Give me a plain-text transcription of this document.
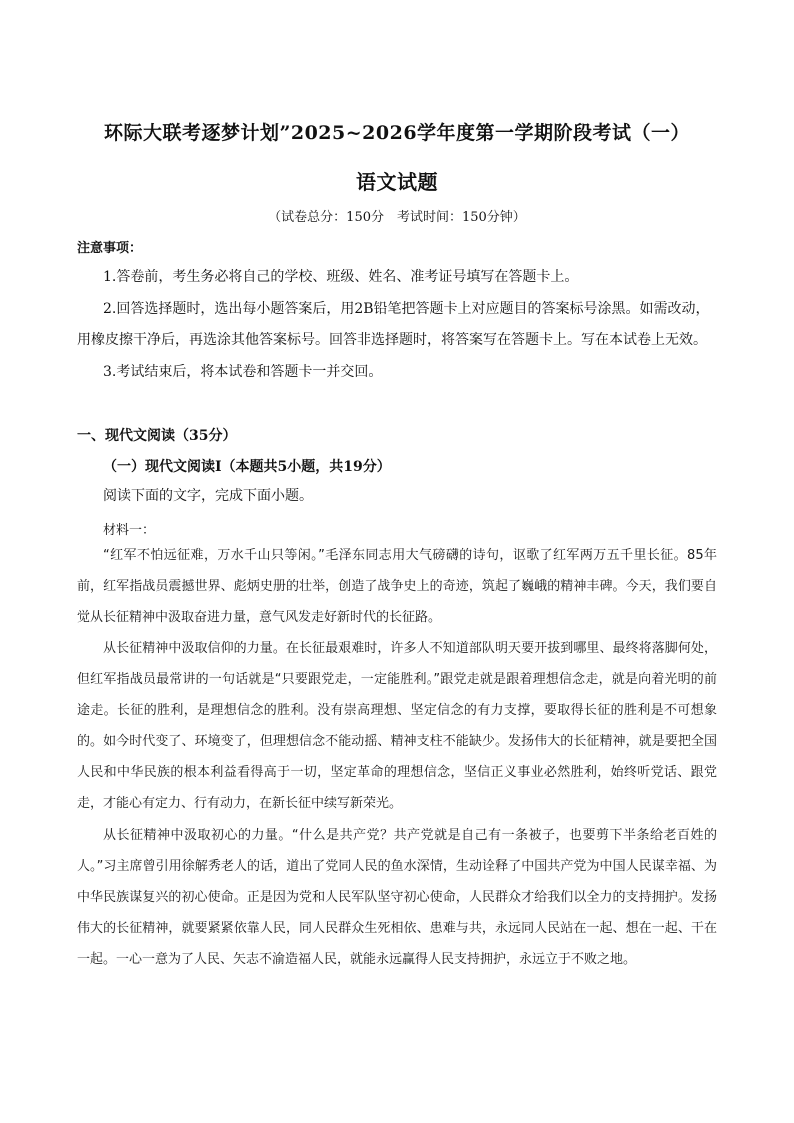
环际大联考逐梦计划”2025~2026学年度第一学期阶段考试（一）
语文试题
（试卷总分：150分　考试时间：150分钟）
注意事项：
1.答卷前，考生务必将自己的学校、班级、姓名、准考证号填写在答题卡上。
2.回答选择题时，选出每小题答案后，用2B铅笔把答题卡上对应题目的答案标号涂黑。如需改动，用橡皮擦干净后，再选涂其他答案标号。回答非选择题时，将答案写在答题卡上。写在本试卷上无效。
3.考试结束后，将本试卷和答题卡一并交回。
一、现代文阅读（35分）
（一）现代文阅读Ⅰ（本题共5小题，共19分）
阅读下面的文字，完成下面小题。
材料一：
“红军不怕远征难，万水千山只等闲。”毛泽东同志用大气磅礴的诗句，讴歌了红军两万五千里长征。85年前，红军指战员震撼世界、彪炳史册的壮举，创造了战争史上的奇迹，筑起了巍峨的精神丰碑。今天，我们要自觉从长征精神中汲取奋进力量，意气风发走好新时代的长征路。
从长征精神中汲取信仰的力量。在长征最艰难时，许多人不知道部队明天要开拔到哪里、最终将落脚何处，但红军指战员最常讲的一句话就是“只要跟党走，一定能胜利。”跟党走就是跟着理想信念走，就是向着光明的前途走。长征的胜利，是理想信念的胜利。没有崇高理想、坚定信念的有力支撑，要取得长征的胜利是不可想象的。如今时代变了、环境变了，但理想信念不能动摇、精神支柱不能缺少。发扬伟大的长征精神，就是要把全国人民和中华民族的根本利益看得高于一切，坚定革命的理想信念，坚信正义事业必然胜利，始终听党话、跟党走，才能心有定力、行有动力，在新长征中续写新荣光。
从长征精神中汲取初心的力量。“什么是共产党？共产党就是自己有一条被子，也要剪下半条给老百姓的人。”习主席曾引用徐解秀老人的话，道出了党同人民的鱼水深情，生动诠释了中国共产党为中国人民谋幸福、为中华民族谋复兴的初心使命。正是因为党和人民军队坚守初心使命，人民群众才给我们以全力的支持拥护。发扬伟大的长征精神，就要紧紧依靠人民，同人民群众生死相依、患难与共，永远同人民站在一起、想在一起、干在一起。一心一意为了人民、矢志不渝造福人民，就能永远赢得人民支持拥护，永远立于不败之地。
